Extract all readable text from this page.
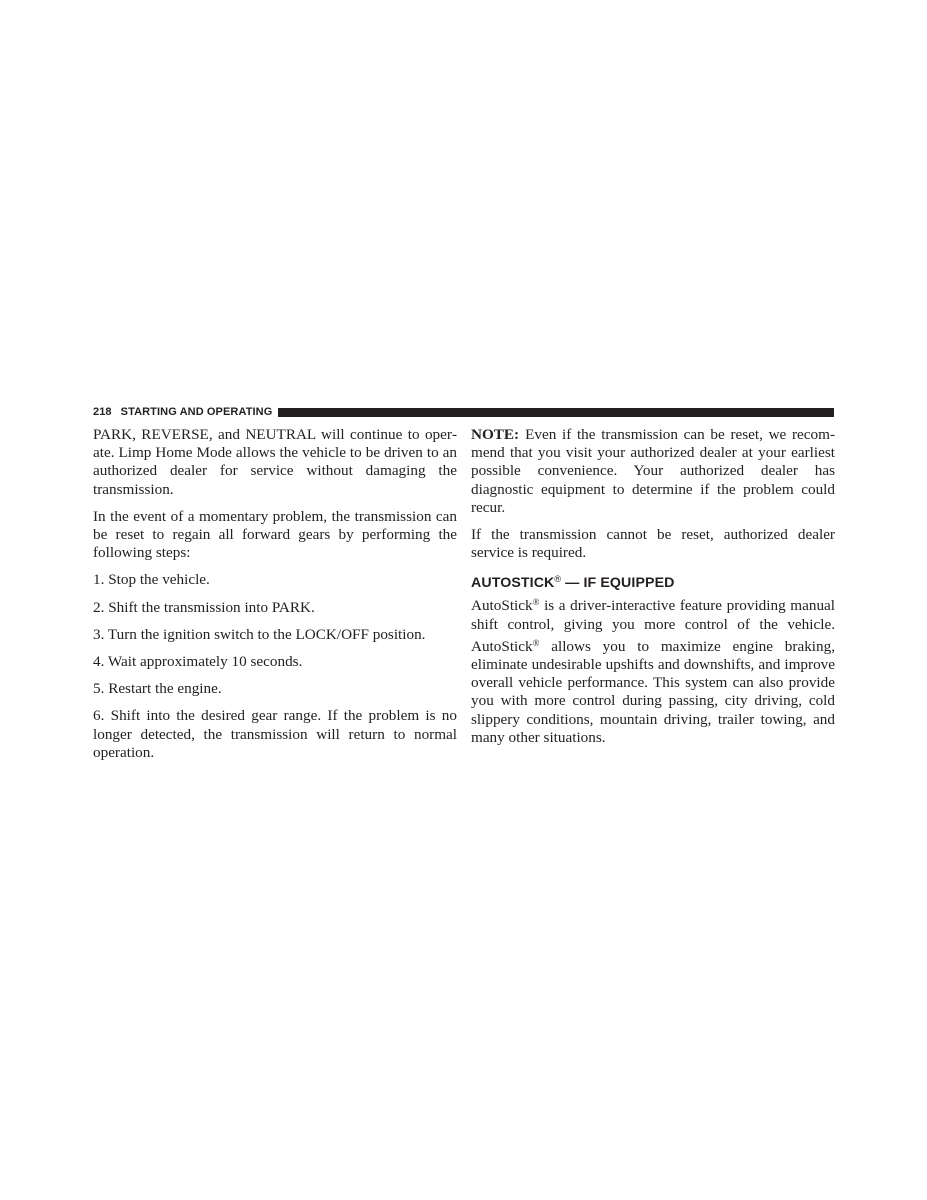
218 STARTING AND OPERATING

PARK, REVERSE, and NEUTRAL will continue to operate. Limp Home Mode allows the vehicle to be driven to an authorized dealer for service without damaging the transmission.

In the event of a momentary problem, the transmission can be reset to regain all forward gears by performing the following steps:

1. Stop the vehicle.

2. Shift the transmission into PARK.

3. Turn the ignition switch to the LOCK/OFF position.

4. Wait approximately 10 seconds.

5. Restart the engine.

6. Shift into the desired gear range. If the problem is no longer detected, the transmission will return to normal operation.

NOTE: Even if the transmission can be reset, we recommend that you visit your authorized dealer at your earliest possible convenience. Your authorized dealer has diagnostic equipment to determine if the problem could recur.

If the transmission cannot be reset, authorized dealer service is required.

AUTOSTICK® — IF EQUIPPED

AutoStick® is a driver-interactive feature providing manual shift control, giving you more control of the vehicle. AutoStick® allows you to maximize engine braking, eliminate undesirable upshifts and downshifts, and improve overall vehicle performance. This system can also provide you with more control during passing, city driving, cold slippery conditions, mountain driving, trailer towing, and many other situations.
